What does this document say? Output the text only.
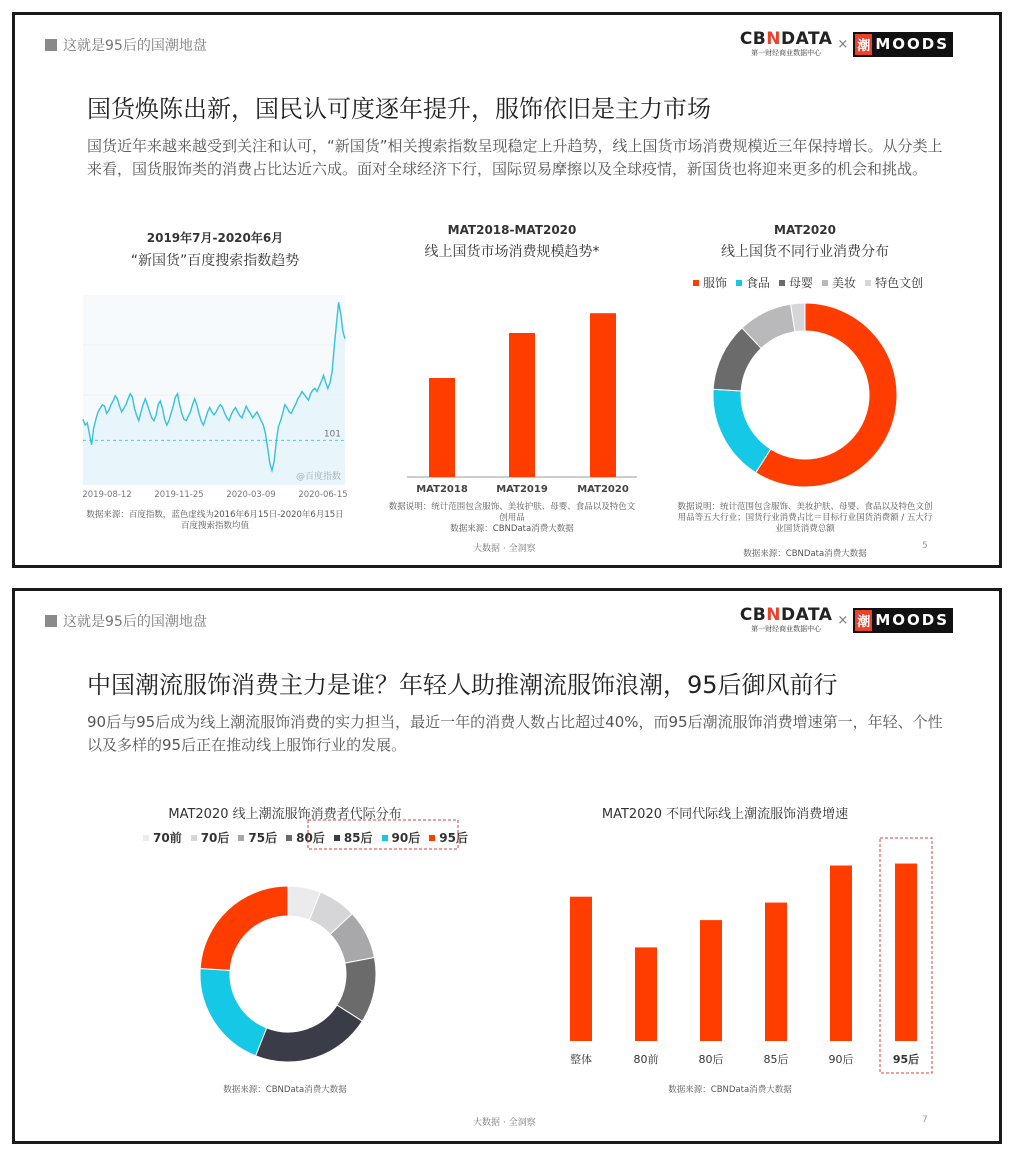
这就是95后的国潮地盘	CBNDATA
第一财经商业数据中心
× 潮 MOODS
国货焕陈出新，国民认可度逐年提升，服饰依旧是主力市场
国货近年来越来越受到关注和认可，“新国货”相关搜索指数呈现稳定上升趋势，线上国货市场消费规模近三年保持增长。从分类上来看，国货服饰类的消费占比达近六成。面对全球经济下行，国际贸易摩擦以及全球疫情，新国货也将迎来更多的机会和挑战。
2019年7月-2020年6月
“新国货”百度搜索指数趋势
101
@百度指数
2019-08-12	2019-11-25	2020-03-09	2020-06-15
数据来源：百度指数，蓝色虚线为2016年6月15日-2020年6月15日百度搜索指数均值
MAT2018-MAT2020
线上国货市场消费规模趋势*
MAT2018	MAT2019	MAT2020
数据说明：统计范围包含服饰、美妆护肤、母婴、食品以及特色文创用品
数据来源：CBNData消费大数据
MAT2020
线上国货不同行业消费分布
服饰 食品 母婴 美妆 特色文创
数据说明：统计范围包含服饰、美妆护肤、母婴、食品以及特色文创用品等五大行业；国货行业消费占比＝目标行业国货消费额 / 五大行业国货消费总额
数据来源：CBNData消费大数据
大数据 · 全洞察	5
这就是95后的国潮地盘	CBNDATA
第一财经商业数据中心
× 潮 MOODS
中国潮流服饰消费主力是谁？年轻人助推潮流服饰浪潮，95后御风前行
90后与95后成为线上潮流服饰消费的实力担当，最近一年的消费人数占比超过40%，而95后潮流服饰消费增速第一，年轻、个性以及多样的95后正在推动线上服饰行业的发展。
MAT2020 线上潮流服饰消费者代际分布
70前 70后 75后 80后 85后 90后 95后
数据来源：CBNData消费大数据
MAT2020 不同代际线上潮流服饰消费增速
整体	80前	80后	85后	90后	95后
数据来源：CBNData消费大数据
大数据 · 全洞察	7
